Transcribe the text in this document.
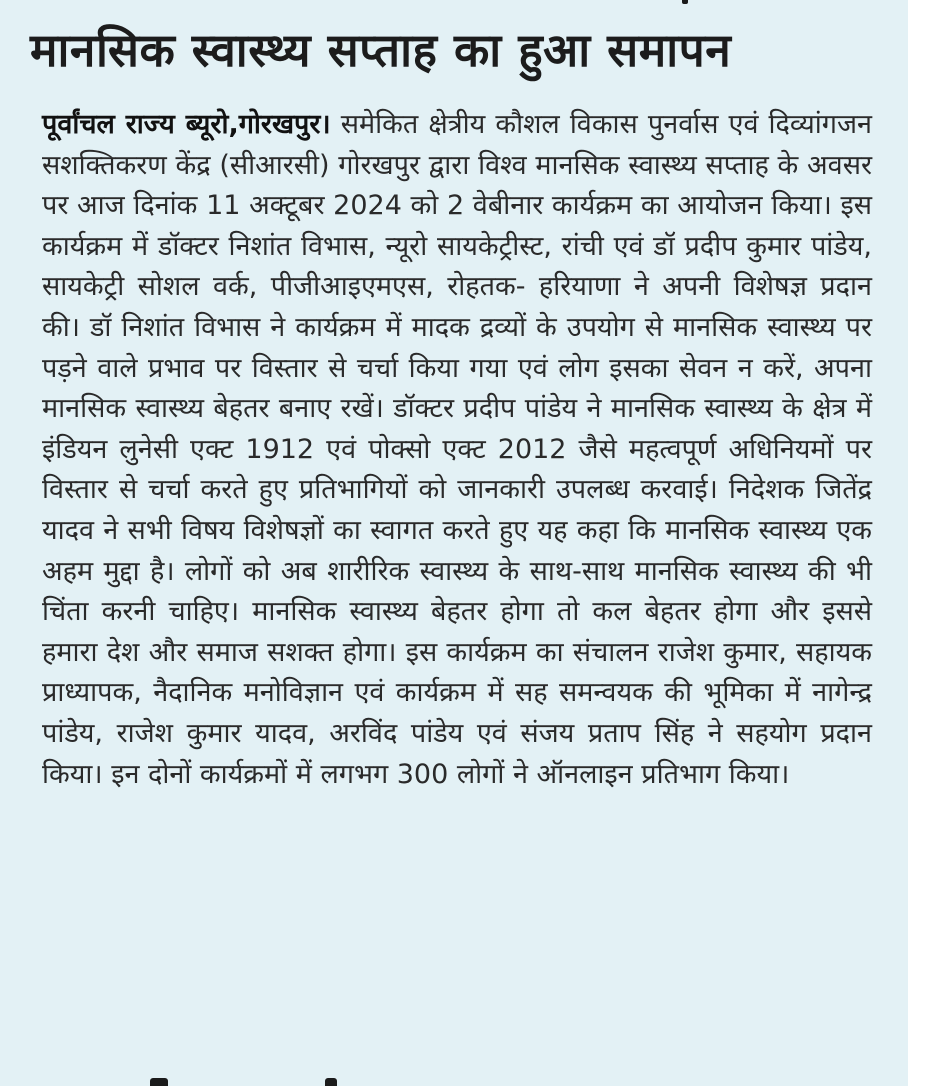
मानसिक स्वास्थ्य सप्ताह का हुआ समापन

पूर्वांचल राज्य ब्यूरो,गोरखपुर। समेकित क्षेत्रीय कौशल विकास पुनर्वास एवं दिव्यांगजन सशक्तिकरण केंद्र (सीआरसी) गोरखपुर द्वारा विश्व मानसिक स्वास्थ्य सप्ताह के अवसर पर आज दिनांक 11 अक्टूबर 2024 को 2 वेबीनार कार्यक्रम का आयोजन किया। इस कार्यक्रम में डॉक्टर निशांत विभास, न्यूरो सायकेट्रीस्ट, रांची एवं डॉ प्रदीप कुमार पांडेय, सायकेट्री सोशल वर्क, पीजीआइएमएस, रोहतक- हरियाणा ने अपनी विशेषज्ञ प्रदान की। डॉ निशांत विभास ने कार्यक्रम में मादक द्रव्यों के उपयोग से मानसिक स्वास्थ्य पर पड़ने वाले प्रभाव पर विस्तार से चर्चा किया गया एवं लोग इसका सेवन न करें, अपना मानसिक स्वास्थ्य बेहतर बनाए रखें। डॉक्टर प्रदीप पांडेय ने मानसिक स्वास्थ्य के क्षेत्र में इंडियन लुनेसी एक्ट 1912 एवं पोक्सो एक्ट 2012 जैसे महत्वपूर्ण अधिनियमों पर विस्तार से चर्चा करते हुए प्रतिभागियों को जानकारी उपलब्ध करवाई। निदेशक जितेंद्र यादव ने सभी विषय विशेषज्ञों का स्वागत करते हुए यह कहा कि मानसिक स्वास्थ्य एक अहम मुद्दा है। लोगों को अब शारीरिक स्वास्थ्य के साथ-साथ मानसिक स्वास्थ्य की भी चिंता करनी चाहिए। मानसिक स्वास्थ्य बेहतर होगा तो कल बेहतर होगा और इससे हमारा देश और समाज सशक्त होगा। इस कार्यक्रम का संचालन राजेश कुमार, सहायक प्राध्यापक, नैदानिक मनोविज्ञान एवं कार्यक्रम में सह समन्वयक की भूमिका में नागेन्द्र पांडेय, राजेश कुमार यादव, अरविंद पांडेय एवं संजय प्रताप सिंह ने सहयोग प्रदान किया। इन दोनों कार्यक्रमों में लगभग 300 लोगों ने ऑनलाइन प्रतिभाग किया।
